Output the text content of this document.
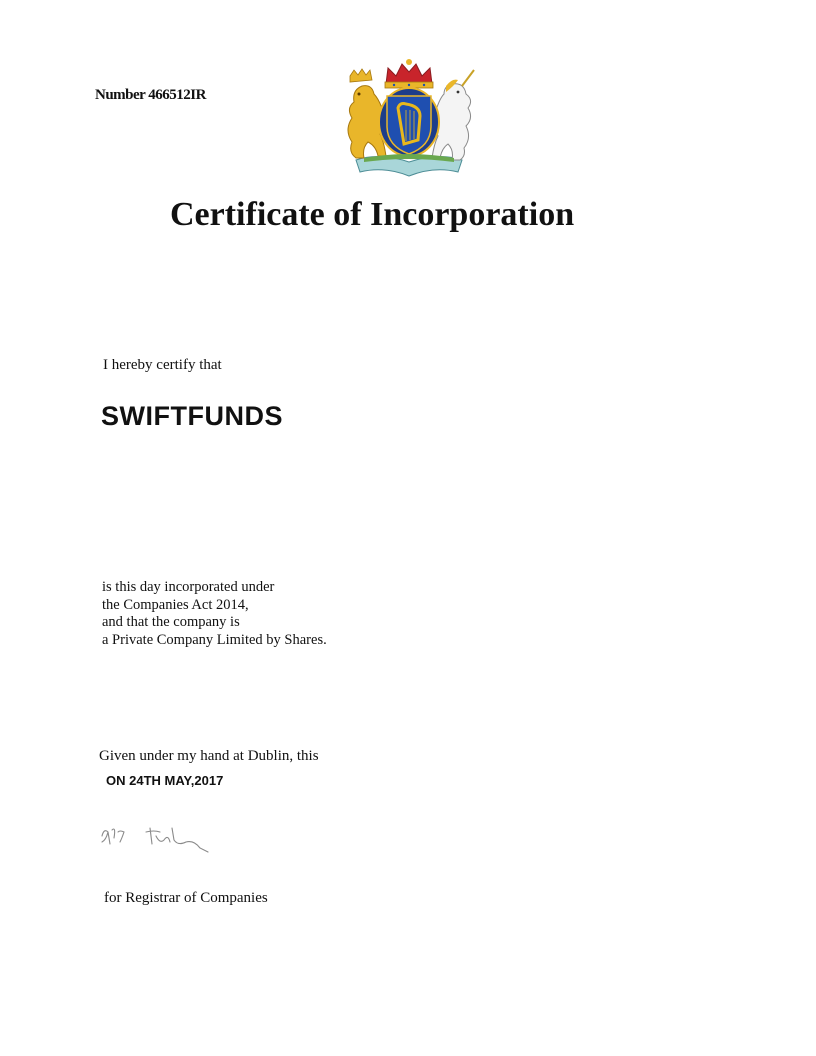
Number 466512IR
Certificate of Incorporation
I hereby certify that
SWIFTFUNDS
is this day incorporated under
the Companies Act 2014,
and that the company is
a Private Company Limited by Shares.
Given under my hand at Dublin, this
ON 24TH MAY,2017
for Registrar of Companies
